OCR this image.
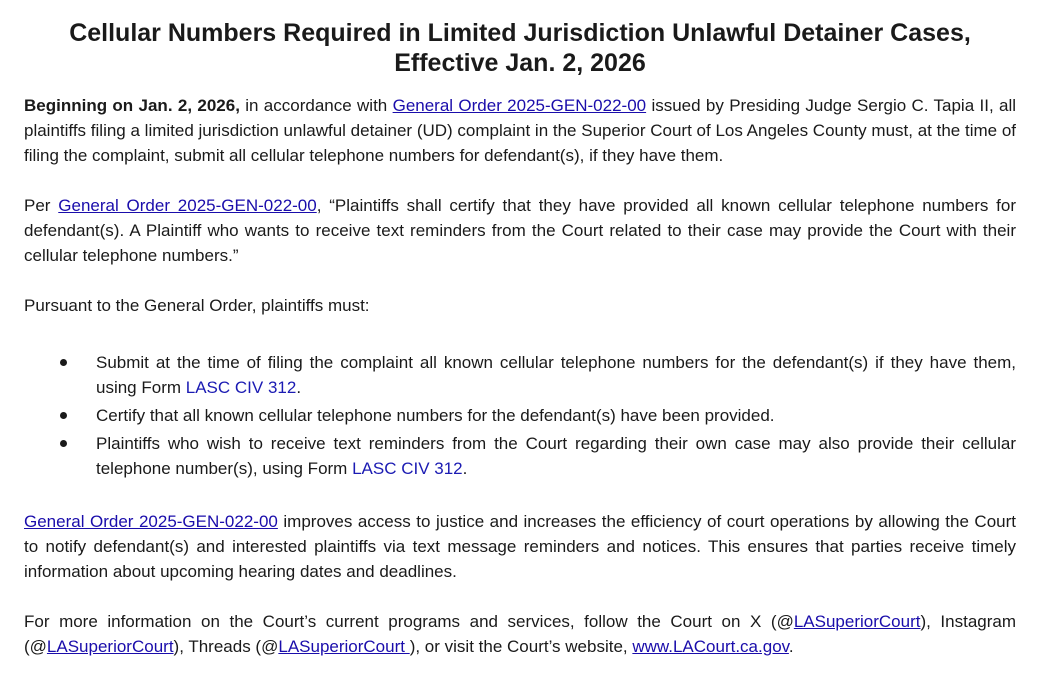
Cellular Numbers Required in Limited Jurisdiction Unlawful Detainer Cases,
Effective Jan. 2, 2026

Beginning on Jan. 2, 2026, in accordance with General Order 2025-GEN-022-00 issued by Presiding Judge Sergio C. Tapia II, all plaintiffs filing a limited jurisdiction unlawful detainer (UD) complaint in the Superior Court of Los Angeles County must, at the time of filing the complaint, submit all cellular telephone numbers for defendant(s), if they have them.

Per General Order 2025-GEN-022-00, “Plaintiffs shall certify that they have provided all known cellular telephone numbers for defendant(s). A Plaintiff who wants to receive text reminders from the Court related to their case may provide the Court with their cellular telephone numbers.”

Pursuant to the General Order, plaintiffs must:

Submit at the time of filing the complaint all known cellular telephone numbers for the defendant(s) if they have them, using Form LASC CIV 312.
Certify that all known cellular telephone numbers for the defendant(s) have been provided.
Plaintiffs who wish to receive text reminders from the Court regarding their own case may also provide their cellular telephone number(s), using Form LASC CIV 312.

General Order 2025-GEN-022-00 improves access to justice and increases the efficiency of court operations by allowing the Court to notify defendant(s) and interested plaintiffs via text message reminders and notices. This ensures that parties receive timely information about upcoming hearing dates and deadlines.

For more information on the Court’s current programs and services, follow the Court on X (@LASuperiorCourt), Instagram (@LASuperiorCourt), Threads (@LASuperiorCourt ), or visit the Court’s website, www.LACourt.ca.gov.
